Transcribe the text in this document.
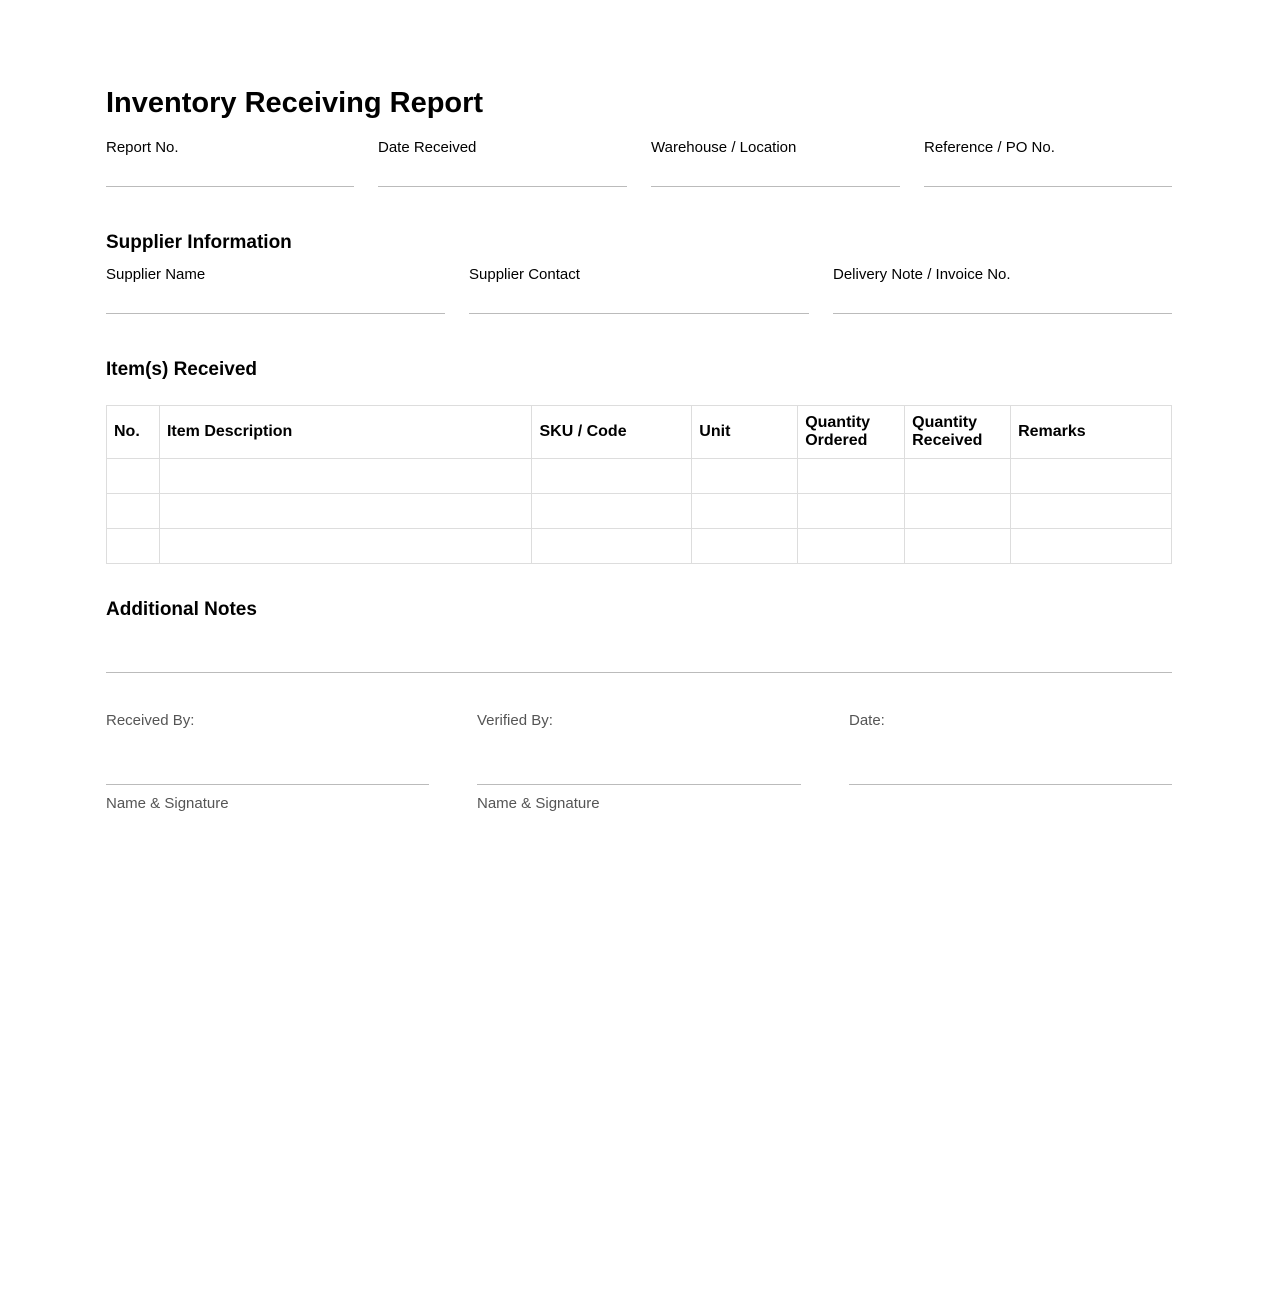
Inventory Receiving Report
Report No.	Date Received	Warehouse / Location	Reference / PO No.
Supplier Information
Supplier Name	Supplier Contact	Delivery Note / Invoice No.
Item(s) Received
No.	Item Description	SKU / Code	Unit	Quantity Ordered	Quantity Received	Remarks

Additional Notes
Received By:
Name & Signature
Verified By:
Name & Signature
Date:
